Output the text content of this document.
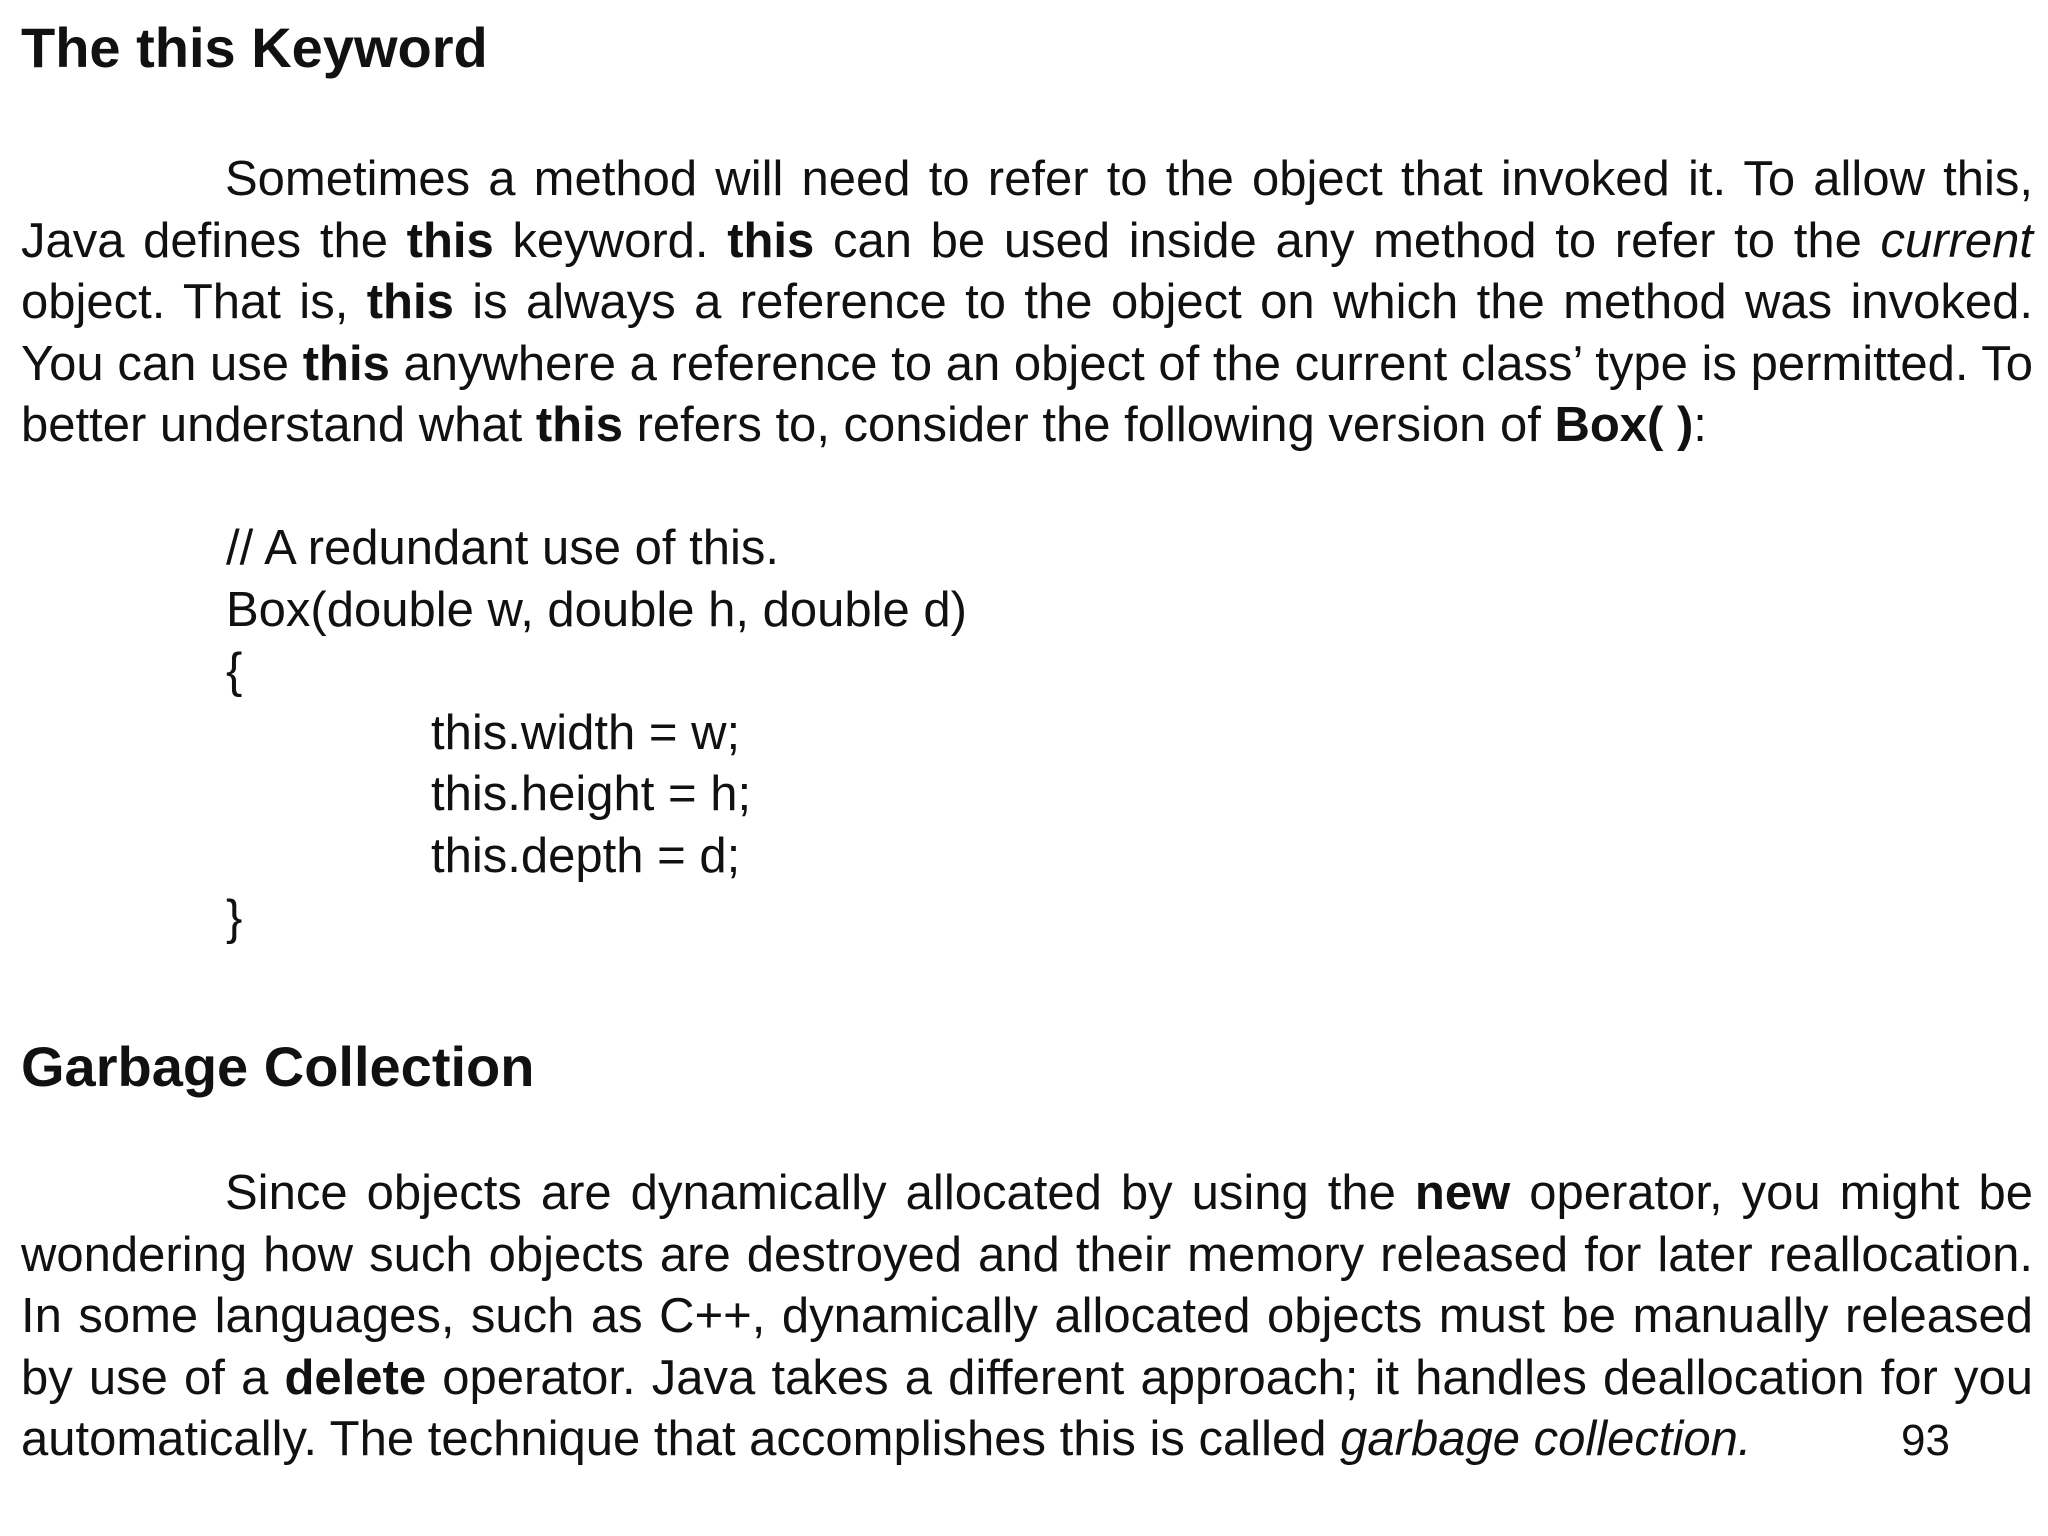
The this Keyword

Sometimes a method will need to refer to the object that invoked it. To allow this, Java defines the this keyword. this can be used inside any method to refer to the current object. That is, this is always a reference to the object on which the method was invoked. You can use this anywhere a reference to an object of the current class’ type is permitted. To better understand what this refers to, consider the following version of Box( ):

// A redundant use of this.
Box(double w, double h, double d)
{
this.width = w;
this.height = h;
this.depth = d;
}
Garbage Collection

Since objects are dynamically allocated by using the new operator, you might be wondering how such objects are destroyed and their memory released for later reallocation. In some languages, such as C++, dynamically allocated objects must be manually released by use of a delete operator. Java takes a different approach; it handles deallocation for you automatically. The technique that accomplishes this is called garbage collection.	93
